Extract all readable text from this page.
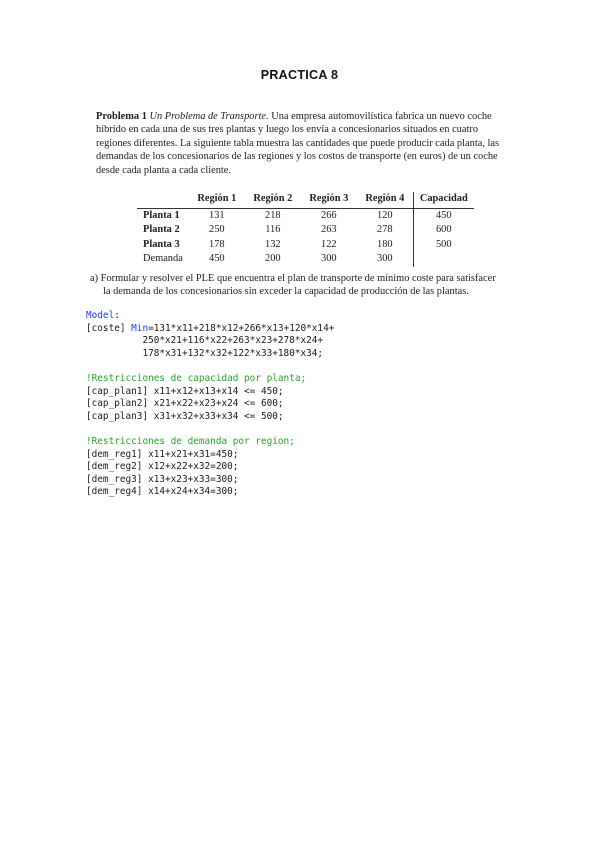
PRACTICA 8
Problema 1 Un Problema de Transporte. Una empresa automovilística fabrica un nuevo coche
híbrido en cada una de sus tres plantas y luego los envía a concesionarios situados en cuatro
regiones diferentes. La siguiente tabla muestra las cantidades que puede producir cada planta, las
demandas de los concesionarios de las regiones y los costos de transporte (en euros) de un coche
desde cada planta a cada cliente.
	Región 1	Región 2	Región 3	Región 4	Capacidad
Planta 1	131	218	266	120	450
Planta 2	250	116	263	278	600
Planta 3	178	132	122	180	500
Demanda	450	200	300	300	
a) Formular y resolver el PLE que encuentra el plan de transporte de mínimo coste para satisfacer
la demanda de los concesionarios sin exceder la capacidad de producción de las plantas.
Model:
[coste] Min=131*x11+218*x12+266*x13+120*x14+
250*x21+116*x22+263*x23+278*x24+
178*x31+132*x32+122*x33+180*x34;
!Restricciones de capacidad por planta;
[cap_plan1] x11+x12+x13+x14 <= 450;
[cap_plan2] x21+x22+x23+x24 <= 600;
[cap_plan3] x31+x32+x33+x34 <= 500;
!Restricciones de demanda por region;
[dem_reg1] x11+x21+x31=450;
[dem_reg2] x12+x22+x32=200;
[dem_reg3] x13+x23+x33=300;
[dem_reg4] x14+x24+x34=300;
